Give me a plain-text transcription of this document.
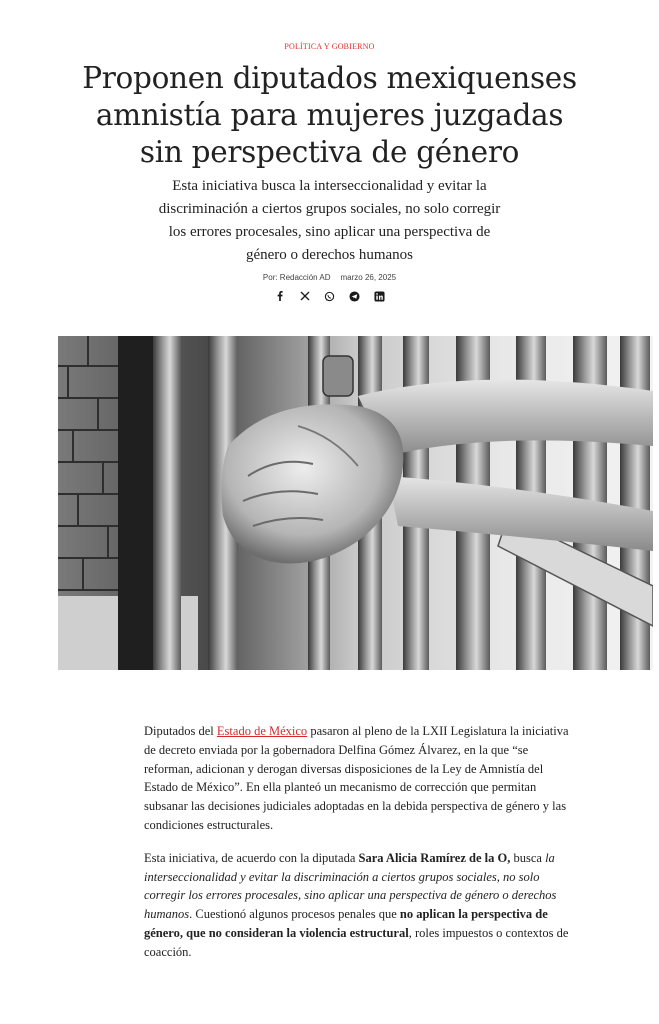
POLÍTICA Y GOBIERNO
Proponen diputados mexiquenses amnistía para mujeres juzgadas sin perspectiva de género

Esta iniciativa busca la interseccionalidad y evitar la discriminación a ciertos grupos sociales, no solo corregir los errores procesales, sino aplicar una perspectiva de género o derechos humanos

Por: Redacción AD marzo 26, 2025

Diputados del Estado de México pasaron al pleno de la LXII Legislatura la iniciativa de decreto enviada por la gobernadora Delfina Gómez Álvarez, en la que “se reforman, adicionan y derogan diversas disposiciones de la Ley de Amnistía del Estado de México”. En ella planteó un mecanismo de corrección que permitan subsanar las decisiones judiciales adoptadas en la debida perspectiva de género y las condiciones estructurales.

Esta iniciativa, de acuerdo con la diputada Sara Alicia Ramírez de la O, busca la interseccionalidad y evitar la discriminación a ciertos grupos sociales, no solo corregir los errores procesales, sino aplicar una perspectiva de género o derechos humanos. Cuestionó algunos procesos penales que no aplican la perspectiva de género, que no consideran la violencia estructural, roles impuestos o contextos de coacción.
